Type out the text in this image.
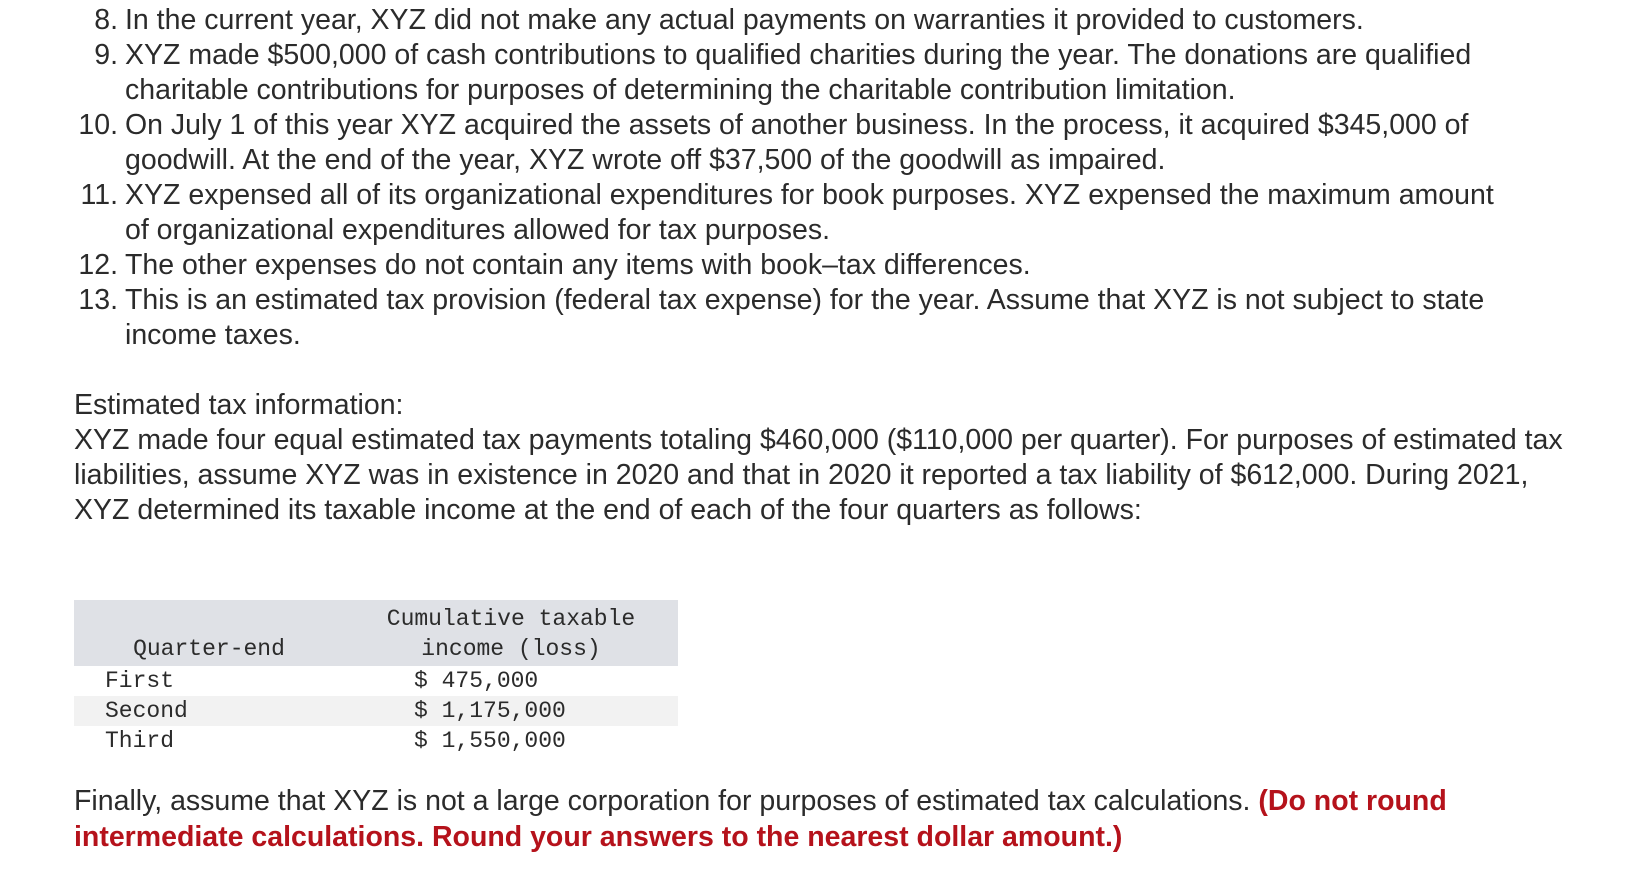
8. In the current year, XYZ did not make any actual payments on warranties it provided to customers.
9. XYZ made $500,000 of cash contributions to qualified charities during the year. The donations are qualified charitable contributions for purposes of determining the charitable contribution limitation.
10. On July 1 of this year XYZ acquired the assets of another business. In the process, it acquired $345,000 of goodwill. At the end of the year, XYZ wrote off $37,500 of the goodwill as impaired.
11. XYZ expensed all of its organizational expenditures for book purposes. XYZ expensed the maximum amount of organizational expenditures allowed for tax purposes.
12. The other expenses do not contain any items with book–tax differences.
13. This is an estimated tax provision (federal tax expense) for the year. Assume that XYZ is not subject to state income taxes.

Estimated tax information:

XYZ made four equal estimated tax payments totaling $460,000 ($110,000 per quarter). For purposes of estimated tax liabilities, assume XYZ was in existence in 2020 and that in 2020 it reported a tax liability of $612,000. During 2021, XYZ determined its taxable income at the end of each of the four quarters as follows:

Quarter-end	Cumulative taxable
income (loss)

First	$ 475,000
Second	$ 1,175,000
Third	$ 1,550,000

Finally, assume that XYZ is not a large corporation for purposes of estimated tax calculations. (Do not round intermediate calculations. Round your answers to the nearest dollar amount.)
